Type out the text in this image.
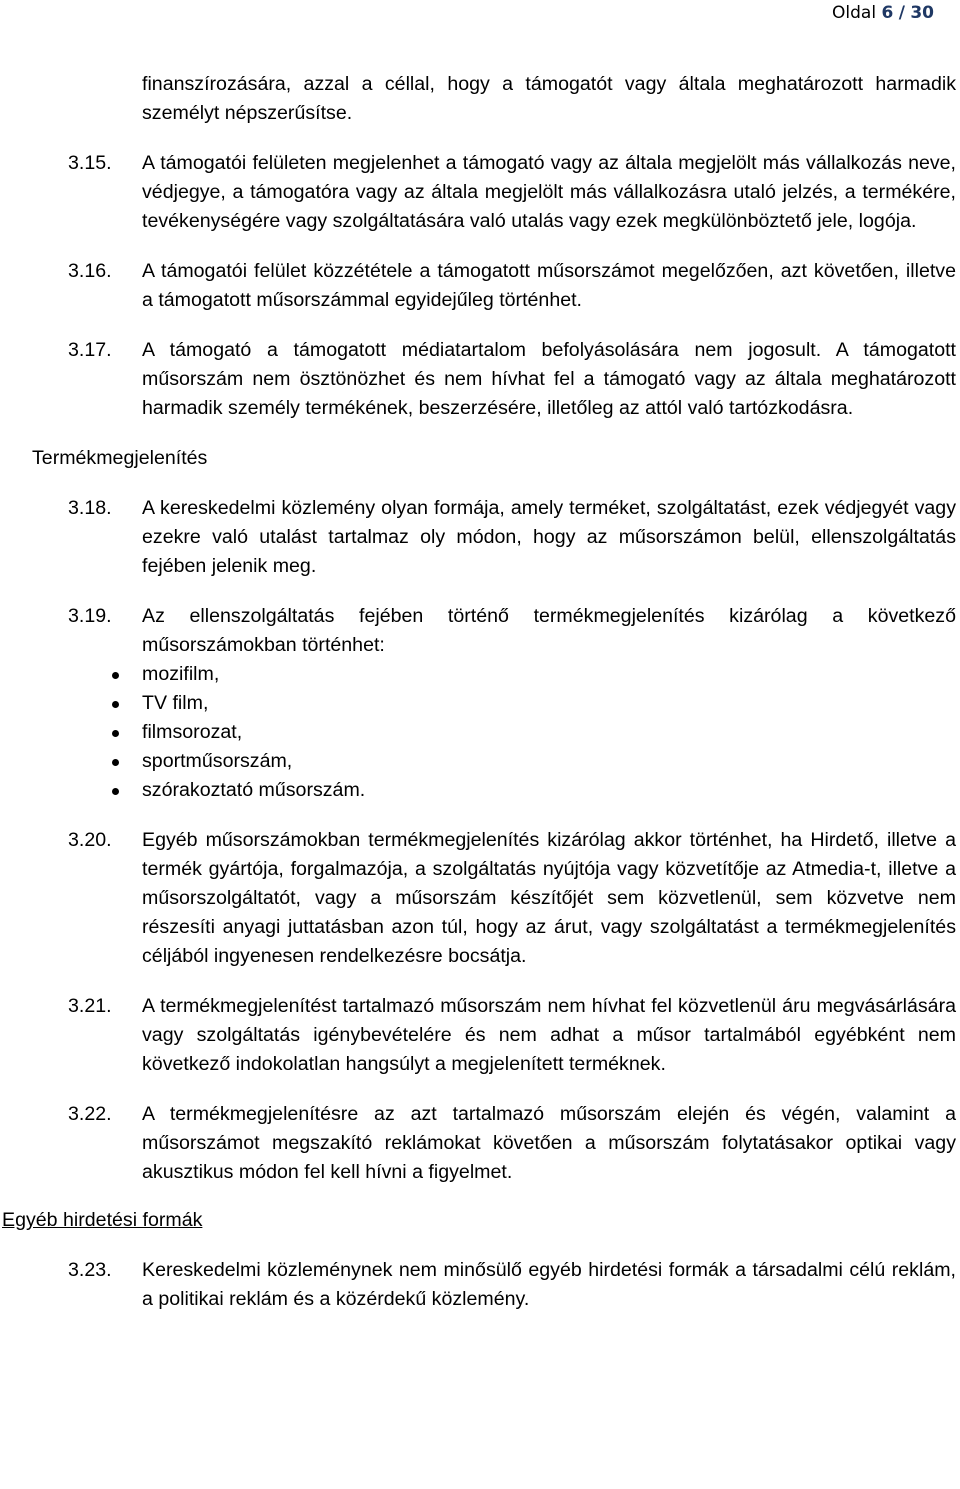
Oldal 6 / 30
finanszírozására, azzal a céllal, hogy a támogatót vagy általa meghatározott harmadik személyt népszerűsítse.
3.15. A támogatói felületen megjelenhet a támogató vagy az általa megjelölt más vállalkozás neve, védjegye, a támogatóra vagy az általa megjelölt más vállalkozásra utaló jelzés, a termékére, tevékenységére vagy szolgáltatására való utalás vagy ezek megkülönböztető jele, logója.
3.16. A támogatói felület közzététele a támogatott műsorszámot megelőzően, azt követően, illetve a támogatott műsorszámmal egyidejűleg történhet.
3.17. A támogató a támogatott médiatartalom befolyásolására nem jogosult. A támogatott műsorszám nem ösztönözhet és nem hívhat fel a támogató vagy az általa meghatározott harmadik személy termékének, beszerzésére, illetőleg az attól való tartózkodásra.
Termékmegjelenítés
3.18. A kereskedelmi közlemény olyan formája, amely terméket, szolgáltatást, ezek védjegyét vagy ezekre való utalást tartalmaz oly módon, hogy az műsorszámon belül, ellenszolgáltatás fejében jelenik meg.
3.19. Az ellenszolgáltatás fejében történő termékmegjelenítés kizárólag a következő műsorszámokban történhet:
mozifilm,
TV film,
filmsorozat,
sportműsorszám,
szórakoztató műsorszám.
3.20. Egyéb műsorszámokban termékmegjelenítés kizárólag akkor történhet, ha Hirdető, illetve a termék gyártója, forgalmazója, a szolgáltatás nyújtója vagy közvetítője az Atmedia-t, illetve a műsorszolgáltatót, vagy a műsorszám készítőjét sem közvetlenül, sem közvetve nem részesíti anyagi juttatásban azon túl, hogy az árut, vagy szolgáltatást a termékmegjelenítés céljából ingyenesen rendelkezésre bocsátja.
3.21. A termékmegjelenítést tartalmazó műsorszám nem hívhat fel közvetlenül áru megvásárlására vagy szolgáltatás igénybevételére és nem adhat a műsor tartalmából egyébként nem következő indokolatlan hangsúlyt a megjelenített terméknek.
3.22. A termékmegjelenítésre az azt tartalmazó műsorszám elején és végén, valamint a műsorszámot megszakító reklámokat követően a műsorszám folytatásakor optikai vagy akusztikus módon fel kell hívni a figyelmet.
Egyéb hirdetési formák
3.23. Kereskedelmi közleménynek nem minősülő egyéb hirdetési formák a társadalmi célú reklám, a politikai reklám és a közérdekű közlemény.
